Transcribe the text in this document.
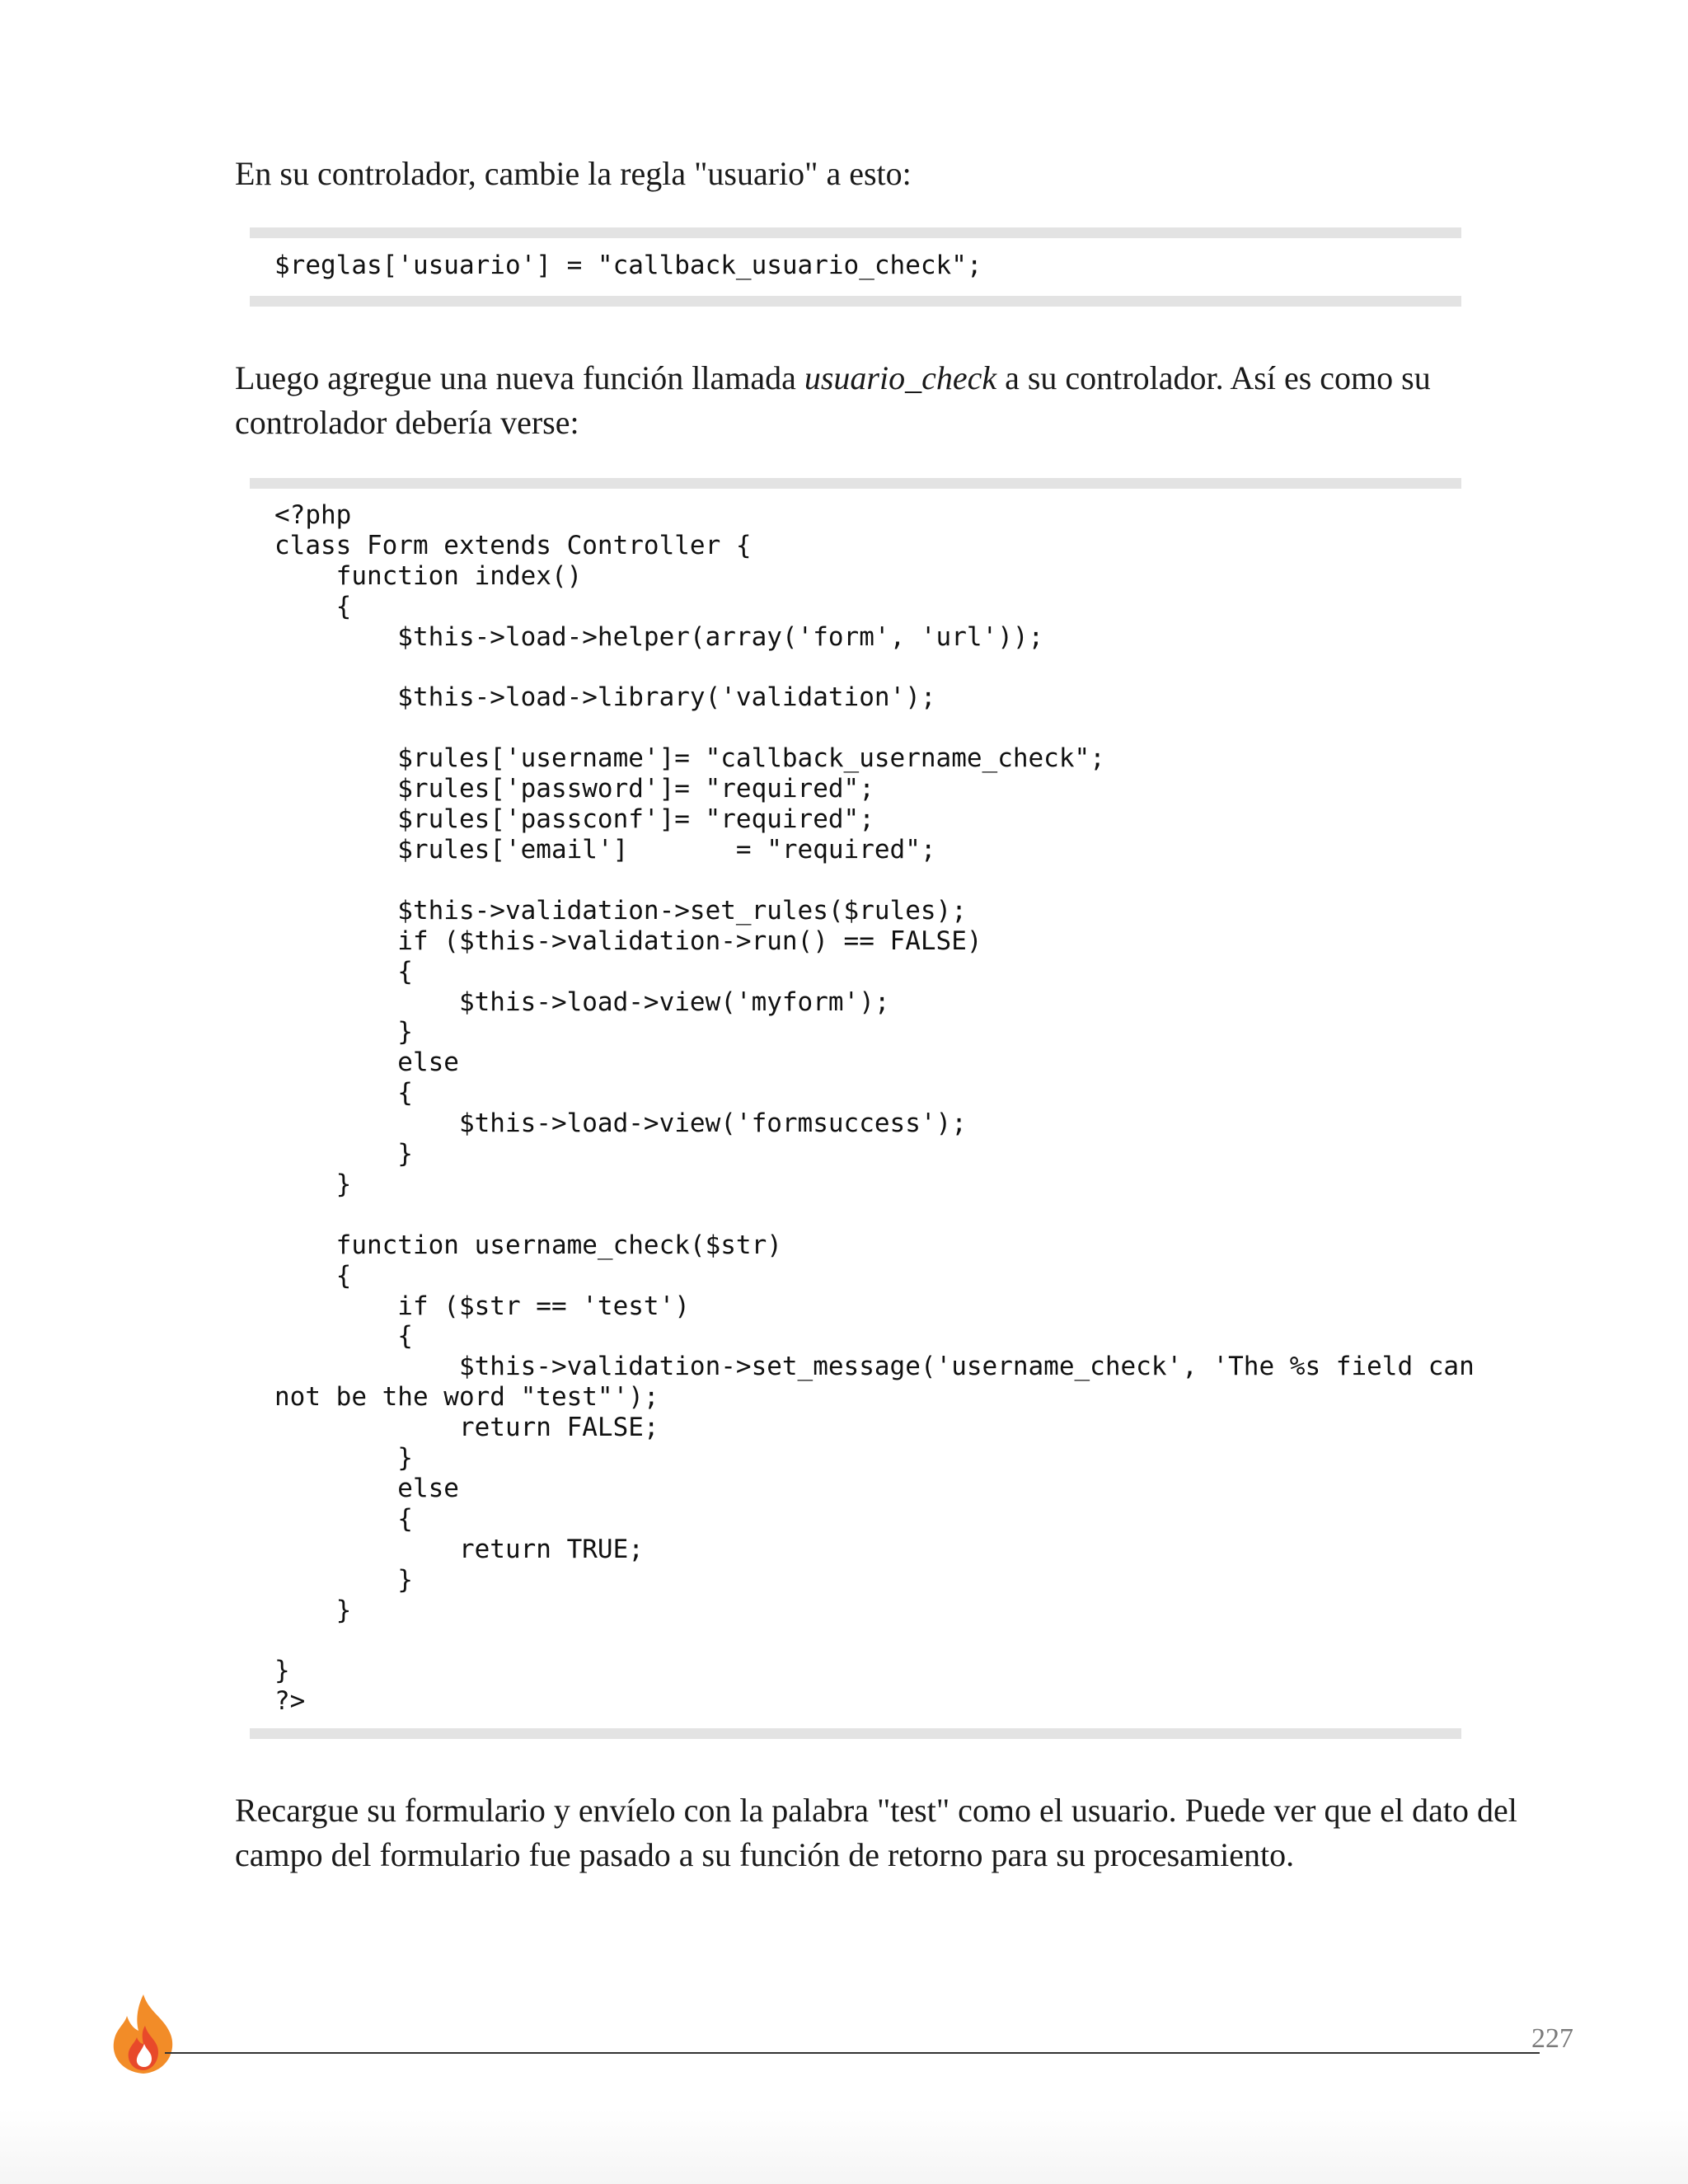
En su controlador, cambie la regla "usuario" a esto:

$reglas['usuario'] = "callback_usuario_check";

Luego agregue una nueva función llamada usuario_check a su controlador. Así es como su controlador debería verse:

<?php
class Form extends Controller {
function index()
{
$this->load->helper(array('form', 'url'));

$this->load->library('validation');

$rules['username']= "callback_username_check";
$rules['password']= "required";
$rules['passconf']= "required";
$rules['email']       = "required";

$this->validation->set_rules($rules);
if ($this->validation->run() == FALSE)
{
$this->load->view('myform');
}
else
{
$this->load->view('formsuccess');
}
}

function username_check($str)
{
if ($str == 'test')
{
$this->validation->set_message('username_check', 'The %s field can
not be the word "test"');
return FALSE;
}
else
{
return TRUE;
}
}

}
?>

Recargue su formulario y envíelo con la palabra "test" como el usuario. Puede ver que el dato del campo del formulario fue pasado a su función de retorno para su procesamiento.

227
